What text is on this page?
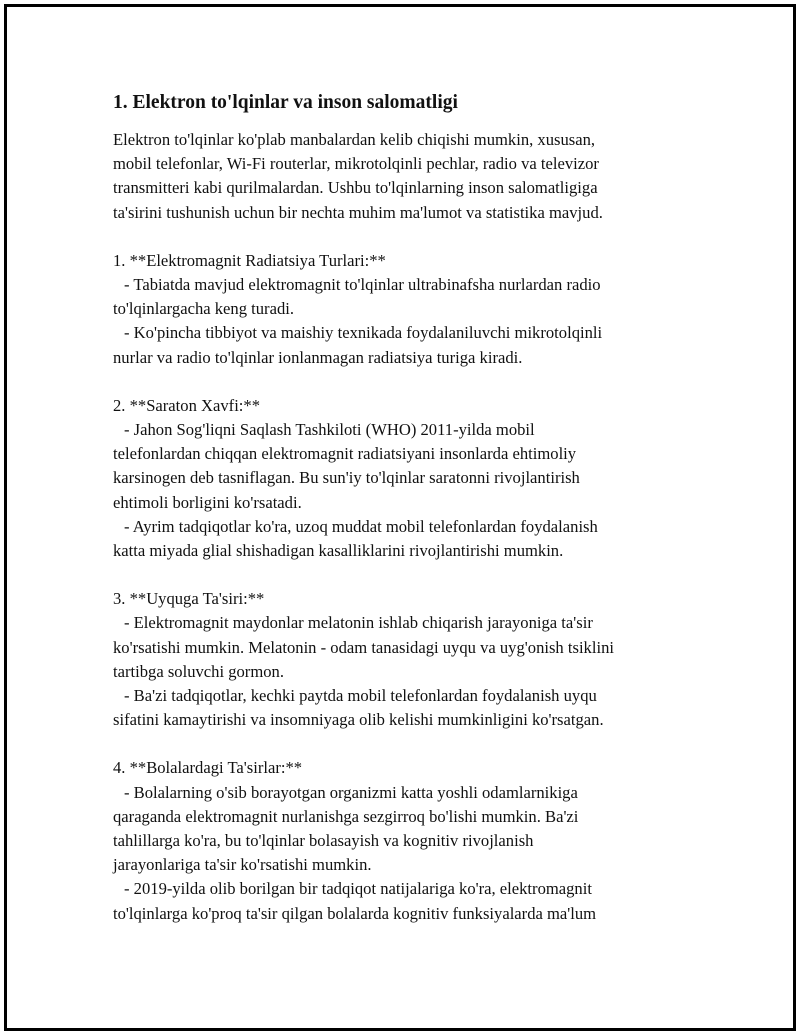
1. Elektron to'lqinlar va inson salomatligi
Elektron to'lqinlar ko'plab manbalardan kelib chiqishi mumkin, xususan,
mobil telefonlar, Wi-Fi routerlar, mikrotolqinli pechlar, radio va televizor
transmitteri kabi qurilmalardan. Ushbu to'lqinlarning inson salomatligiga
ta'sirini tushunish uchun bir nechta muhim ma'lumot va statistika mavjud.
1. **Elektromagnit Radiatsiya Turlari:**
- Tabiatda mavjud elektromagnit to'lqinlar ultrabinafsha nurlardan radio
to'lqinlargacha keng turadi.
- Ko'pincha tibbiyot va maishiy texnikada foydalaniluvchi mikrotolqinli
nurlar va radio to'lqinlar ionlanmagan radiatsiya turiga kiradi.
2. **Saraton Xavfi:**
- Jahon Sog'liqni Saqlash Tashkiloti (WHO) 2011-yilda mobil
telefonlardan chiqqan elektromagnit radiatsiyani insonlarda ehtimoliy
karsinogen deb tasniflagan. Bu sun'iy to'lqinlar saratonni rivojlantirish
ehtimoli borligini ko'rsatadi.
- Ayrim tadqiqotlar ko'ra, uzoq muddat mobil telefonlardan foydalanish
katta miyada glial shishadigan kasalliklarini rivojlantirishi mumkin.
3. **Uyquga Ta'siri:**
- Elektromagnit maydonlar melatonin ishlab chiqarish jarayoniga ta'sir
ko'rsatishi mumkin. Melatonin - odam tanasidagi uyqu va uyg'onish tsiklini
tartibga soluvchi gormon.
- Ba'zi tadqiqotlar, kechki paytda mobil telefonlardan foydalanish uyqu
sifatini kamaytirishi va insomniyaga olib kelishi mumkinligini ko'rsatgan.
4. **Bolalardagi Ta'sirlar:**
- Bolalarning o'sib borayotgan organizmi katta yoshli odamlarnikiga
qaraganda elektromagnit nurlanishga sezgirroq bo'lishi mumkin. Ba'zi
tahlillarga ko'ra, bu to'lqinlar bolasayish va kognitiv rivojlanish
jarayonlariga ta'sir ko'rsatishi mumkin.
- 2019-yilda olib borilgan bir tadqiqot natijalariga ko'ra, elektromagnit
to'lqinlarga ko'proq ta'sir qilgan bolalarda kognitiv funksiyalarda ma'lum
